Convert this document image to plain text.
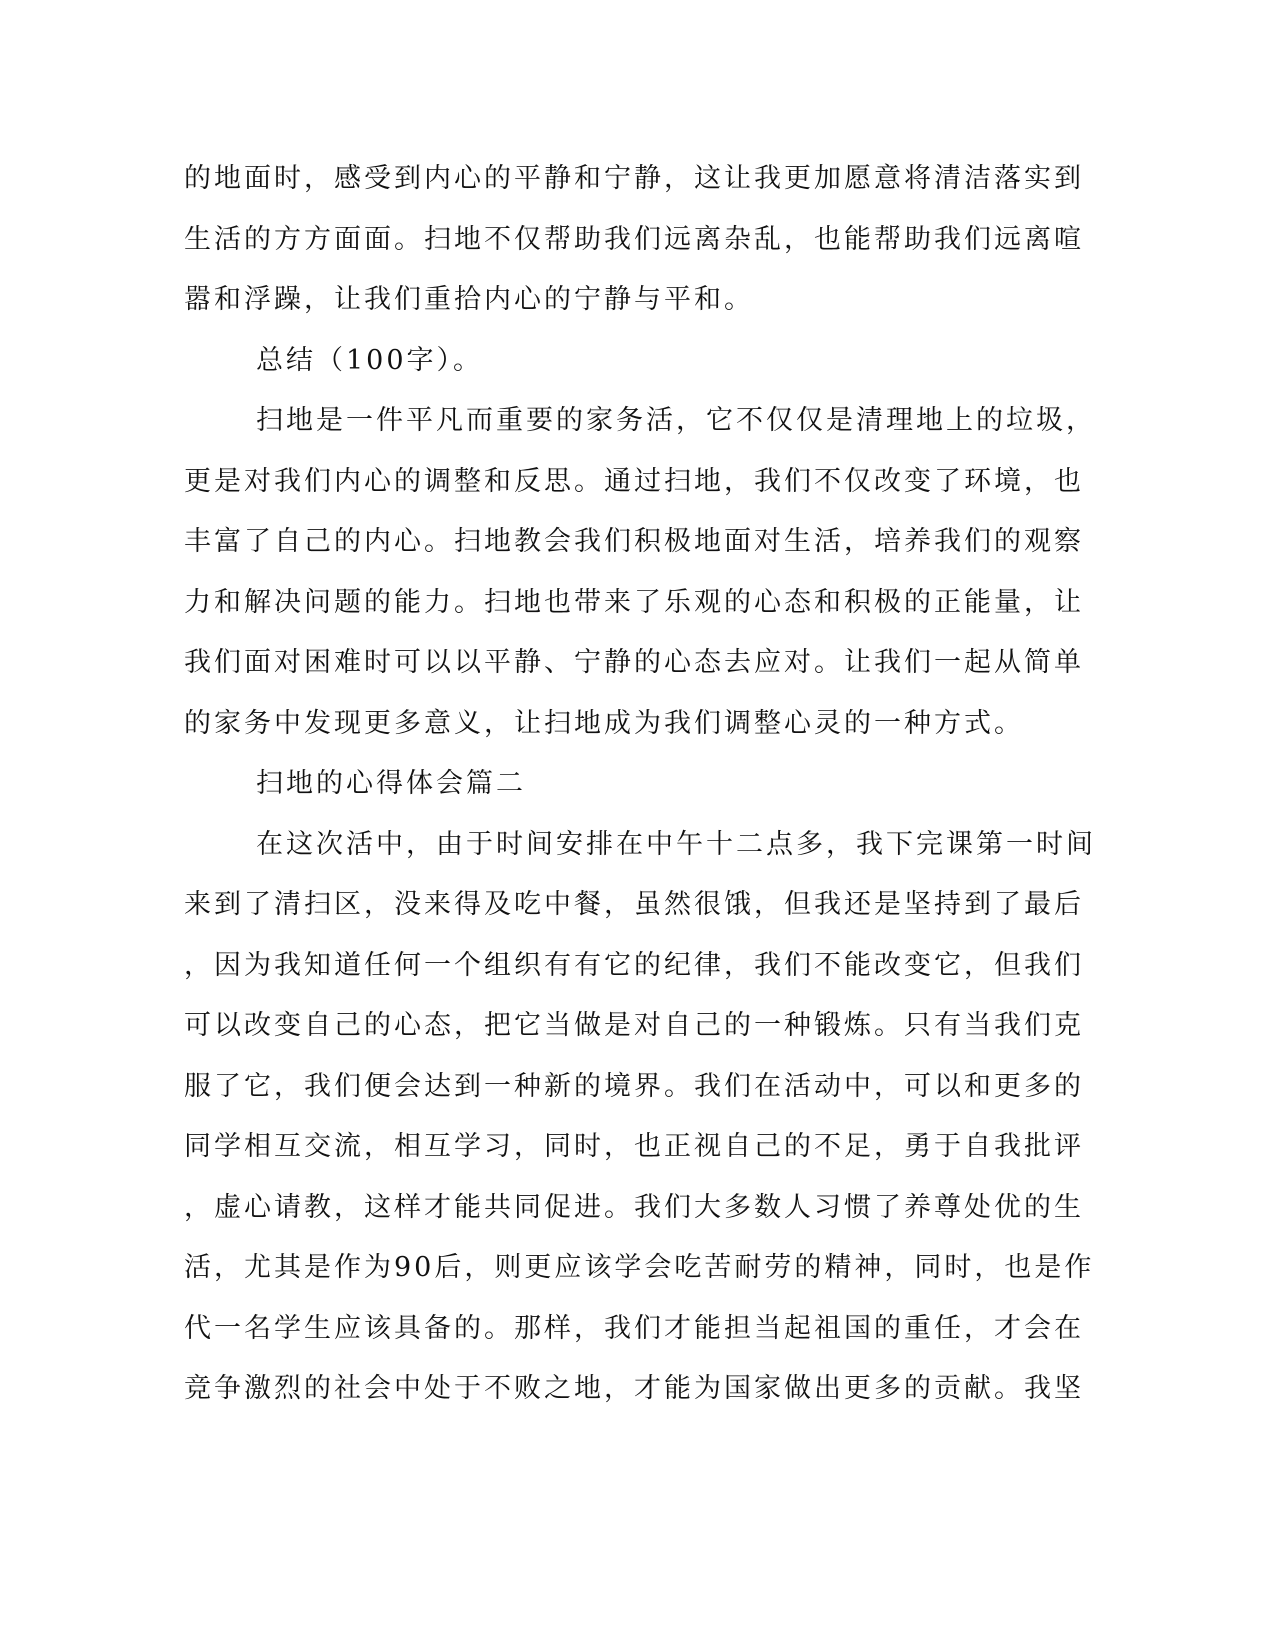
的地面时，感受到内心的平静和宁静，这让我更加愿意将清洁落实到
生活的方方面面。扫地不仅帮助我们远离杂乱，也能帮助我们远离喧
嚣和浮躁，让我们重拾内心的宁静与平和。
总结（100字）。
扫地是一件平凡而重要的家务活，它不仅仅是清理地上的垃圾，
更是对我们内心的调整和反思。通过扫地，我们不仅改变了环境，也
丰富了自己的内心。扫地教会我们积极地面对生活，培养我们的观察
力和解决问题的能力。扫地也带来了乐观的心态和积极的正能量，让
我们面对困难时可以以平静、宁静的心态去应对。让我们一起从简单
的家务中发现更多意义，让扫地成为我们调整心灵的一种方式。
扫地的心得体会篇二
在这次活中，由于时间安排在中午十二点多，我下完课第一时间
来到了清扫区，没来得及吃中餐，虽然很饿，但我还是坚持到了最后
，因为我知道任何一个组织有有它的纪律，我们不能改变它，但我们
可以改变自己的心态，把它当做是对自己的一种锻炼。只有当我们克
服了它，我们便会达到一种新的境界。我们在活动中，可以和更多的
同学相互交流，相互学习，同时，也正视自己的不足，勇于自我批评
，虚心请教，这样才能共同促进。我们大多数人习惯了养尊处优的生
活，尤其是作为90后，则更应该学会吃苦耐劳的精神，同时，也是作
代一名学生应该具备的。那样，我们才能担当起祖国的重任，才会在
竞争激烈的社会中处于不败之地，才能为国家做出更多的贡献。我坚
